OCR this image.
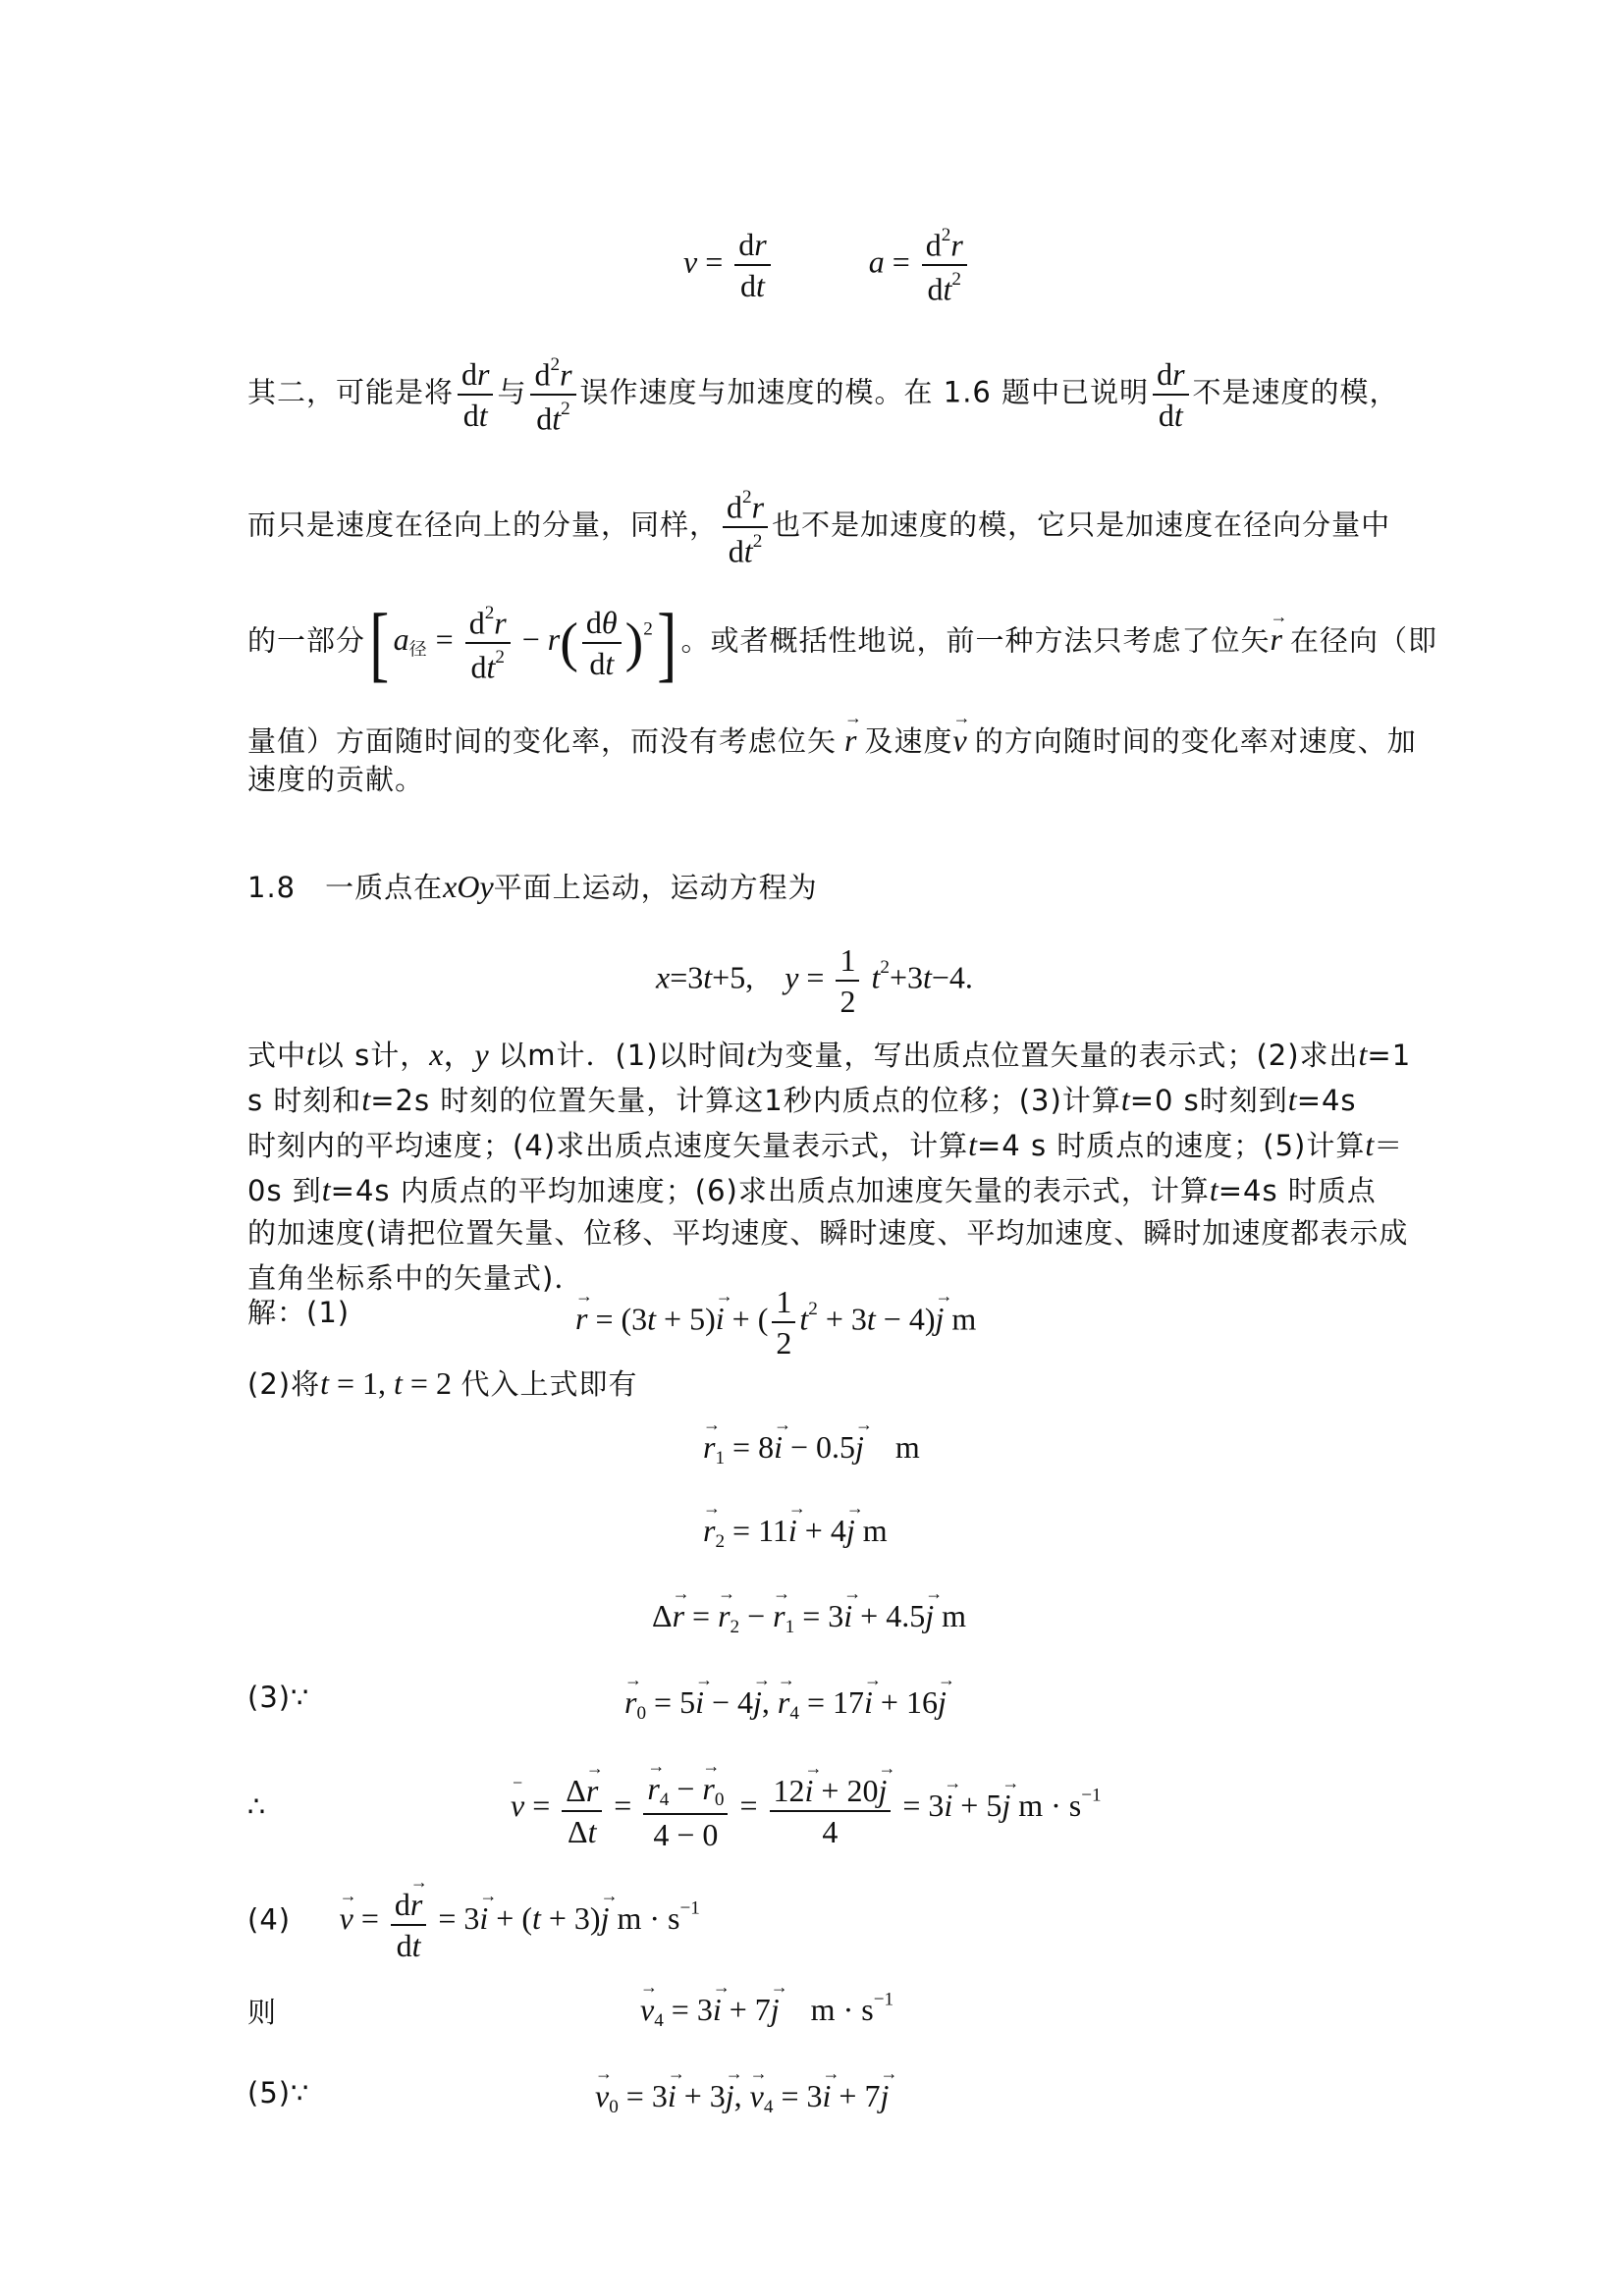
$v = \frac{dr}{dt}$	$a = \frac{d^2r}{dt^2}$
其二，可能是将 $\frac{dr}{dt}$ 与 $\frac{d^2r}{dt^2}$ 误作速度与加速度的模。在 1.6 题中已说明 $\frac{dr}{dt}$ 不是速度的模，
而只是速度在径向上的分量，同样， $\frac{d^2r}{dt^2}$ 也不是加速度的模，它只是加速度在径向分量中
的一部分[ $a_径 = \frac{d^2r}{dt^2} - r( \frac{d\theta}{dt} )^2$] 。或者概括性地说，前一种方法只考虑了位矢
→
r 在径向（即
量值）方面随时间的变化率，而没有考虑位矢
→
r 及速度
→
v 的方向随时间的变化率对速度、加
速度的贡献。
1.8　一质点在xOy平面上运动，运动方程为
x=3t+5,　$y = \frac{1}{2} t^2+3t-4$.
式中t以 s计，x，y 以m计．(1)以时间t为变量，写出质点位置矢量的表示式；(2)求出t=1
s 时刻和t=2s 时刻的位置矢量，计算这1秒内质点的位移；(3)计算t=0 s时刻到t=4s
时刻内的平均速度；(4)求出质点速度矢量表示式，计算t=4 s 时质点的速度；(5)计算t＝
0s 到t=4s 内质点的平均加速度；(6)求出质点加速度矢量的表示式，计算t=4s 时质点
的加速度(请把位置矢量、位移、平均速度、瞬时速度、平均加速度、瞬时加速度都表示成
直角坐标系中的矢量式)．
解：(1)	→
r = (3t + 5)
→
i + ( $\frac{1}{2} t^2 + 3t - 4$)
→
j m
(2)将t = 1, t = 2 代入上式即有
→
$r_1 = 8$
→
i − 0.5
→
j　m
→
$r_2 = 11$
→
i + 4
→
j m
Δ
→
r =
→
$r_2$ −
→
$r_1 = 3$
→
i + 4.5
→
j m
(3)∵
→
$r_0 = 5$
→
i − 4
→
j,
→
$r_4 = 17$
→
i + 16
→
j
∴
−
v = Δ
→
r
Δt = →
$r_4$ −
→
$r_0$
4 − 0 = 12
→
i + 20
→
j
4 = 3
→
i + 5
→
j $m \cdot s^{-1}$
(4)
→
v = d
→
r
dt = 3
→
i + (t + 3)
→
j $m \cdot s^{-1}$
则
→
$v_4 = 3$
→
i + 7
→
j　$m \cdot s^{-1}$
(5)∵
→
$v_0 = 3$
→
i + 3
→
j,
→
$v_4 = 3$
→
i + 7
→
j
